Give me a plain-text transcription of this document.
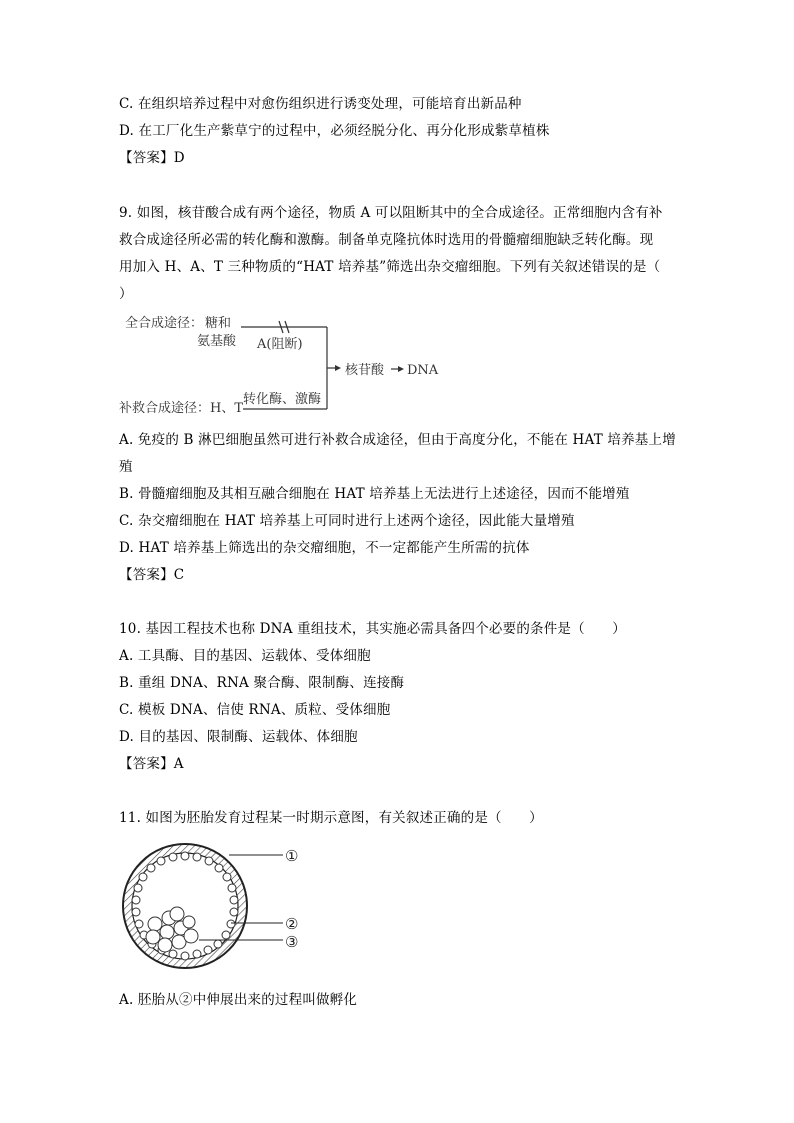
C. 在组织培养过程中对愈伤组织进行诱变处理，可能培育出新品种
D. 在工厂化生产紫草宁的过程中，必须经脱分化、再分化形成紫草植株
【答案】D
9. 如图，核苷酸合成有两个途径，物质 A 可以阻断其中的全合成途径。正常细胞内含有补
救合成途径所必需的转化酶和激酶。制备单克隆抗体时选用的骨髓瘤细胞缺乏转化酶。现
用加入 H、A、T 三种物质的“HAT 培养基”筛选出杂交瘤细胞。下列有关叙述错误的是（
）
全合成途径： 糖和
氨基酸 A(阻断)
补救合成途径：H、T
转化酶、激酶
核苷酸 DNA
A. 免疫的 B 淋巴细胞虽然可进行补救合成途径，但由于高度分化，不能在 HAT 培养基上增
殖
B. 骨髓瘤细胞及其相互融合细胞在 HAT 培养基上无法进行上述途径，因而不能增殖
C. 杂交瘤细胞在 HAT 培养基上可同时进行上述两个途径，因此能大量增殖
D. HAT 培养基上筛选出的杂交瘤细胞，不一定都能产生所需的抗体
【答案】C
10. 基因工程技术也称 DNA 重组技术，其实施必需具备四个必要的条件是（　　）
A. 工具酶、目的基因、运载体、受体细胞
B. 重组 DNA、RNA 聚合酶、限制酶、连接酶
C. 模板 DNA、信使 RNA、质粒、受体细胞
D. 目的基因、限制酶、运载体、体细胞
【答案】A
11. 如图为胚胎发育过程某一时期示意图，有关叙述正确的是（　　）
①
②
③
A. 胚胎从②中伸展出来的过程叫做孵化
